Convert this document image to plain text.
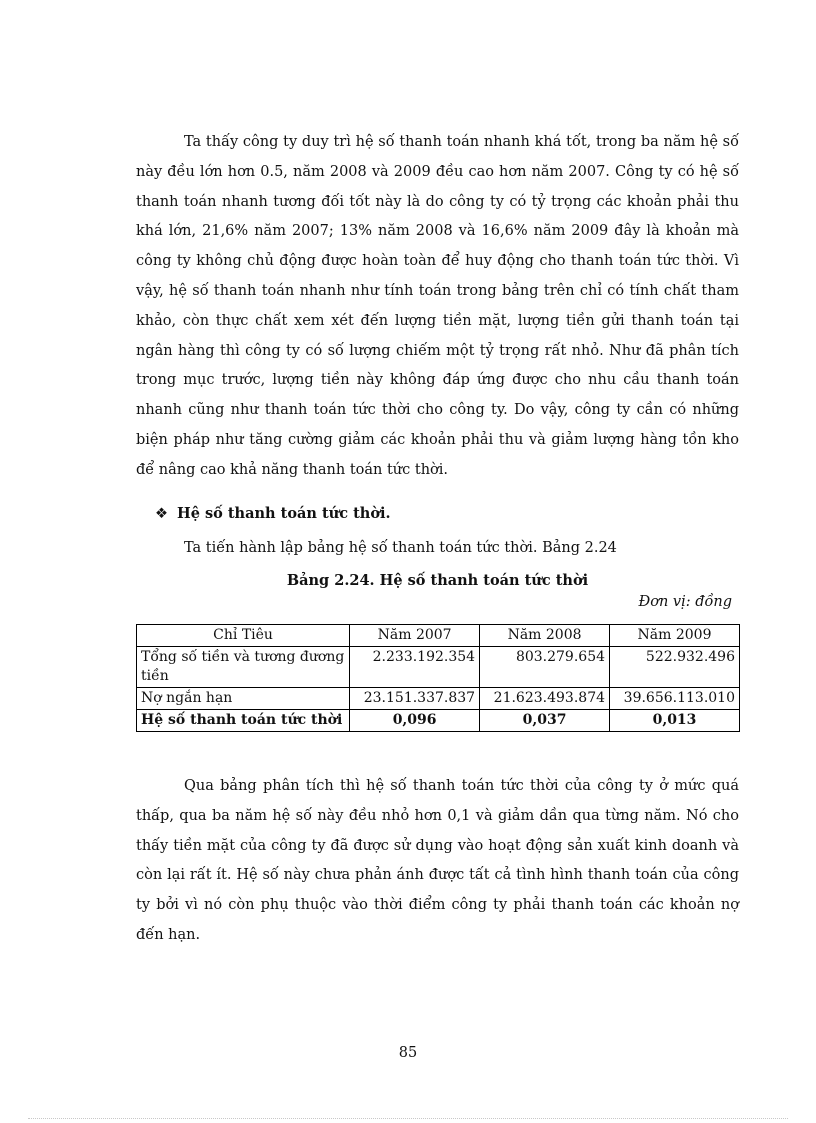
Ta thấy công ty duy trì hệ số thanh toán nhanh khá tốt, trong ba năm hệ số này đều lớn hơn 0.5, năm 2008 và 2009 đều cao hơn năm 2007. Công ty có hệ số thanh toán nhanh tương đối tốt này là do công ty có tỷ trọng các khoản phải thu khá lớn, 21,6% năm 2007; 13% năm 2008 và 16,6% năm 2009 đây là khoản mà công ty không chủ động được hoàn toàn để huy động cho thanh toán tức thời. Vì vậy, hệ số thanh toán nhanh như tính toán trong bảng trên chỉ có tính chất tham khảo, còn thực chất xem xét đến lượng tiền mặt, lượng tiền gửi thanh toán tại ngân hàng thì công ty có số lượng chiếm một tỷ trọng rất nhỏ. Như đã phân tích trong mục trước, lượng tiền này không đáp ứng được cho nhu cầu thanh toán nhanh cũng như thanh toán tức thời cho công ty. Do vậy, công ty cần có những biện pháp như tăng cường giảm các khoản phải thu và giảm lượng hàng tồn kho để nâng cao khả năng thanh toán tức thời.

❖ Hệ số thanh toán tức thời.

Ta tiến hành lập bảng hệ số thanh toán tức thời. Bảng 2.24

Bảng 2.24. Hệ số thanh toán tức thời

Đơn vị: đồng

Chỉ Tiêu	Năm 2007	Năm 2008	Năm 2009
Tổng số tiền và tương đương tiền	2.233.192.354	803.279.654	522.932.496
Nợ ngắn hạn	23.151.337.837	21.623.493.874	39.656.113.010
Hệ số thanh toán tức thời	0,096	0,037	0,013

Qua bảng phân tích thì hệ số thanh toán tức thời của công ty ở mức quá thấp, qua ba năm hệ số này đều nhỏ hơn 0,1 và giảm dần qua từng năm. Nó cho thấy tiền mặt của công ty đã được sử dụng vào hoạt động sản xuất kinh doanh và còn lại rất ít. Hệ số này chưa phản ánh được tất cả tình hình thanh toán của công ty bởi vì nó còn phụ thuộc vào thời điểm công ty phải thanh toán các khoản nợ đến hạn.

85
